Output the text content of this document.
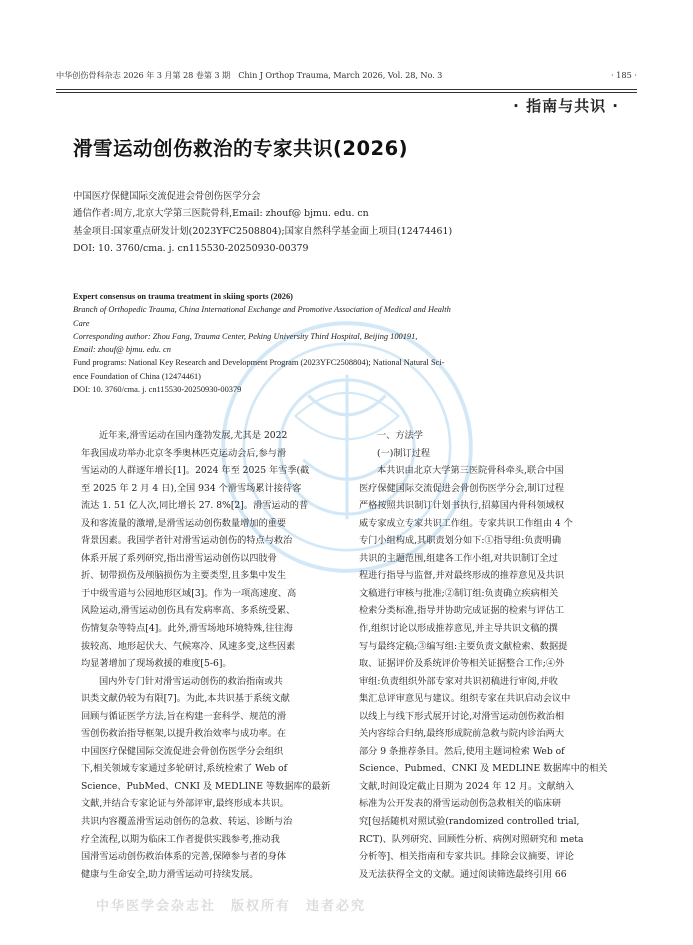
中华创伤骨科杂志 2026 年 3 月第 28 卷第 3 期　Chin J Orthop Trauma, March 2026, Vol. 28, No. 3	· 185 ·
· 指南与共识 ·
滑雪运动创伤救治的专家共识(2026)
中国医疗保健国际交流促进会骨创伤医学分会
通信作者:周方,北京大学第三医院骨科,Email: zhouf@ bjmu. edu. cn
基金项目:国家重点研发计划(2023YFC2508804);国家自然科学基金面上项目(12474461)
DOI: 10. 3760/cma. j. cn115530-20250930-00379
Expert consensus on trauma treatment in skiing sports (2026)
Branch of Orthopedic Trauma, China International Exchange and Promotive Association of Medical and Health
Care
Corresponding author: Zhou Fang, Trauma Center, Peking University Third Hospital, Beijing 100191,
Email: zhouf@ bjmu. edu. cn
Fund programs: National Key Research and Development Program (2023YFC2508804); National Natural Sci-
ence Foundation of China (12474461)
DOI: 10. 3760/cma. j. cn115530-20250930-00379
近年来,滑雪运动在国内蓬勃发展,尤其是 2022
年我国成功举办北京冬季奥林匹克运动会后,参与滑
雪运动的人群逐年增长[1]。2024 年至 2025 年雪季(截
至 2025 年 2 月 4 日),全国 934 个滑雪场累计接待客
流达 1. 51 亿人次,同比增长 27. 8%[2]。滑雪运动的普
及和客流量的激增,是滑雪运动创伤数量增加的重要
背景因素。我国学者针对滑雪运动创伤的特点与救治
体系开展了系列研究,指出滑雪运动创伤以四肢骨
折、韧带损伤及颅脑损伤为主要类型,且多集中发生
于中级雪道与公园地形区域[3]。作为一项高速度、高
风险运动,滑雪运动创伤具有发病率高、多系统受累、
伤情复杂等特点[4]。此外,滑雪场地环境特殊,往往海
拔较高、地形起伏大、气候寒冷、风速多变,这些因素
均显著增加了现场救援的难度[5-6]。
国内外专门针对滑雪运动创伤的救治指南或共
识类文献仍较为有限[7]。为此,本共识基于系统文献
回顾与循证医学方法,旨在构建一套科学、规范的滑
雪创伤救治指导框架,以提升救治效率与成功率。在
中国医疗保健国际交流促进会骨创伤医学分会组织
下,相关领域专家通过多轮研讨,系统检索了 Web of
Science、PubMed、CNKI 及 MEDLINE 等数据库的最新
文献,并结合专家论证与外部评审,最终形成本共识。
共识内容覆盖滑雪运动创伤的急救、转运、诊断与治
疗全流程,以期为临床工作者提供实践参考,推动我
国滑雪运动创伤救治体系的完善,保障参与者的身体
健康与生命安全,助力滑雪运动可持续发展。
一、方法学
(一)制订过程
本共识由北京大学第三医院骨科牵头,联合中国
医疗保健国际交流促进会骨创伤医学分会,制订过程
严格按照共识制订计划书执行,招募国内骨科领域权
威专家成立专家共识工作组。专家共识工作组由 4 个
专门小组构成,其职责划分如下:①指导组:负责明确
共识的主题范围,组建各工作小组,对共识制订全过
程进行指导与监督,并对最终形成的推荐意见及共识
文稿进行审核与批准;②制订组:负责确立疾病相关
检索分类标准,指导并协助完成证据的检索与评估工
作,组织讨论以形成推荐意见,并主导共识文稿的撰
写与最终定稿;③编写组:主要负责文献检索、数据提
取、证据评价及系统评价等相关证据整合工作;④外
审组:负责组织外部专家对共识初稿进行审阅,并收
集汇总评审意见与建议。组织专家在共识启动会议中
以线上与线下形式展开讨论,对滑雪运动创伤救治相
关内容综合归纳,最终形成院前急救与院内诊治两大
部分 9 条推荐条目。然后,使用主题词检索 Web of
Science、Pubmed、CNKI 及 MEDLINE 数据库中的相关
文献,时间设定截止日期为 2024 年 12 月。文献纳入
标准为公开发表的滑雪运动创伤急救相关的临床研
究[包括随机对照试验(randomized controlled trial,
RCT)、队列研究、回顾性分析、病例对照研究和 meta
分析等]、相关指南和专家共识。排除会议摘要、评论
及无法获得全文的文献。通过阅读筛选最终引用 66
中华医学会杂志社　版权所有　违者必究
